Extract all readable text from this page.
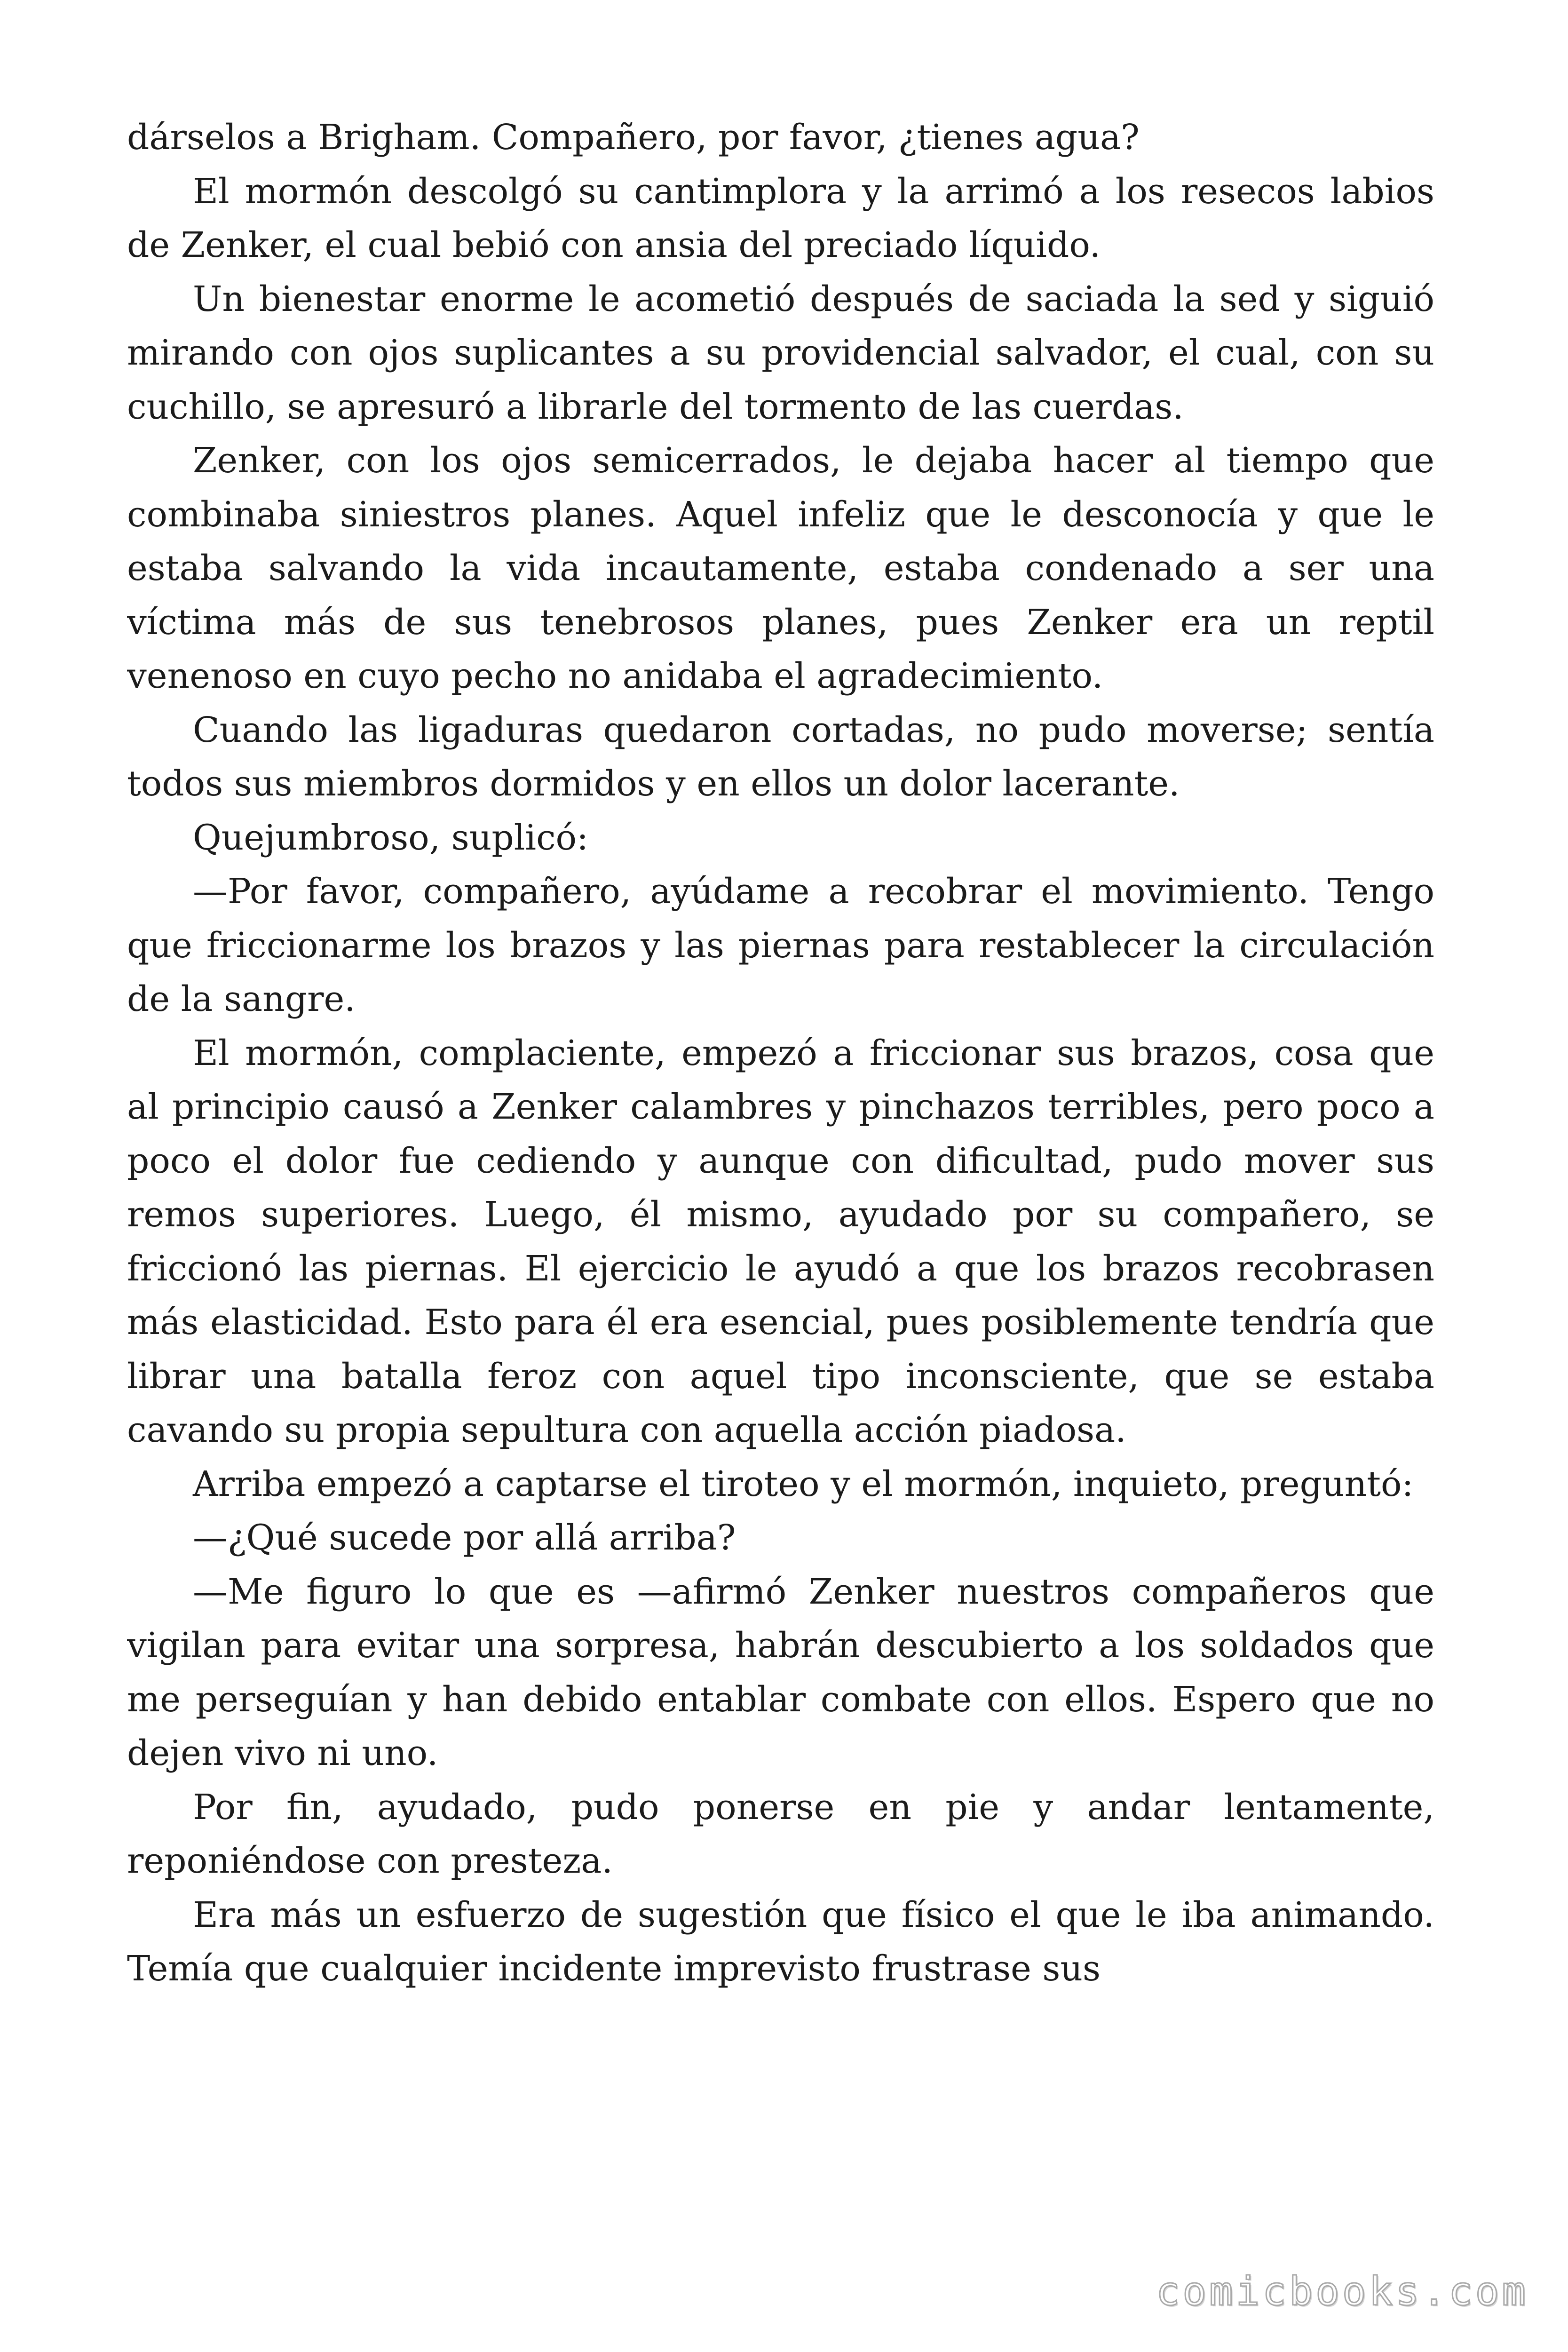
dárselos a Brigham. Compañero, por favor, ¿tienes agua?

El mormón descolgó su cantimplora y la arrimó a los resecos labios de Zenker, el cual bebió con ansia del preciado líquido.

Un bienestar enorme le acometió después de saciada la sed y siguió mirando con ojos suplicantes a su providencial salvador, el cual, con su cuchillo, se apresuró a librarle del tormento de las cuerdas.

Zenker, con los ojos semicerrados, le dejaba hacer al tiempo que combinaba siniestros planes. Aquel infeliz que le desconocía y que le estaba salvando la vida incautamente, estaba condenado a ser una víctima más de sus tenebrosos planes, pues Zenker era un reptil venenoso en cuyo pecho no anidaba el agradecimiento.

Cuando las ligaduras quedaron cortadas, no pudo moverse; sentía todos sus miembros dormidos y en ellos un dolor lacerante.

Quejumbroso, suplicó:

—Por favor, compañero, ayúdame a recobrar el movimiento. Tengo que friccionarme los brazos y las piernas para restablecer la circulación de la sangre.

El mormón, complaciente, empezó a friccionar sus brazos, cosa que al principio causó a Zenker calambres y pinchazos terribles, pero poco a poco el dolor fue cediendo y aunque con dificultad, pudo mover sus remos superiores. Luego, él mismo, ayudado por su compañero, se friccionó las piernas. El ejercicio le ayudó a que los brazos recobrasen más elasticidad. Esto para él era esencial, pues posiblemente tendría que librar una batalla feroz con aquel tipo inconsciente, que se estaba cavando su propia sepultura con aquella acción piadosa.

Arriba empezó a captarse el tiroteo y el mormón, inquieto, preguntó:

—¿Qué sucede por allá arriba?

—Me figuro lo que es —afirmó Zenker nuestros compañeros que vigilan para evitar una sorpresa, habrán descubierto a los soldados que me perseguían y han debido entablar combate con ellos. Espero que no dejen vivo ni uno.

Por fin, ayudado, pudo ponerse en pie y andar lentamente, reponiéndose con presteza.

Era más un esfuerzo de sugestión que físico el que le iba animando. Temía que cualquier incidente imprevisto frustrase sus

comicbooks.com
